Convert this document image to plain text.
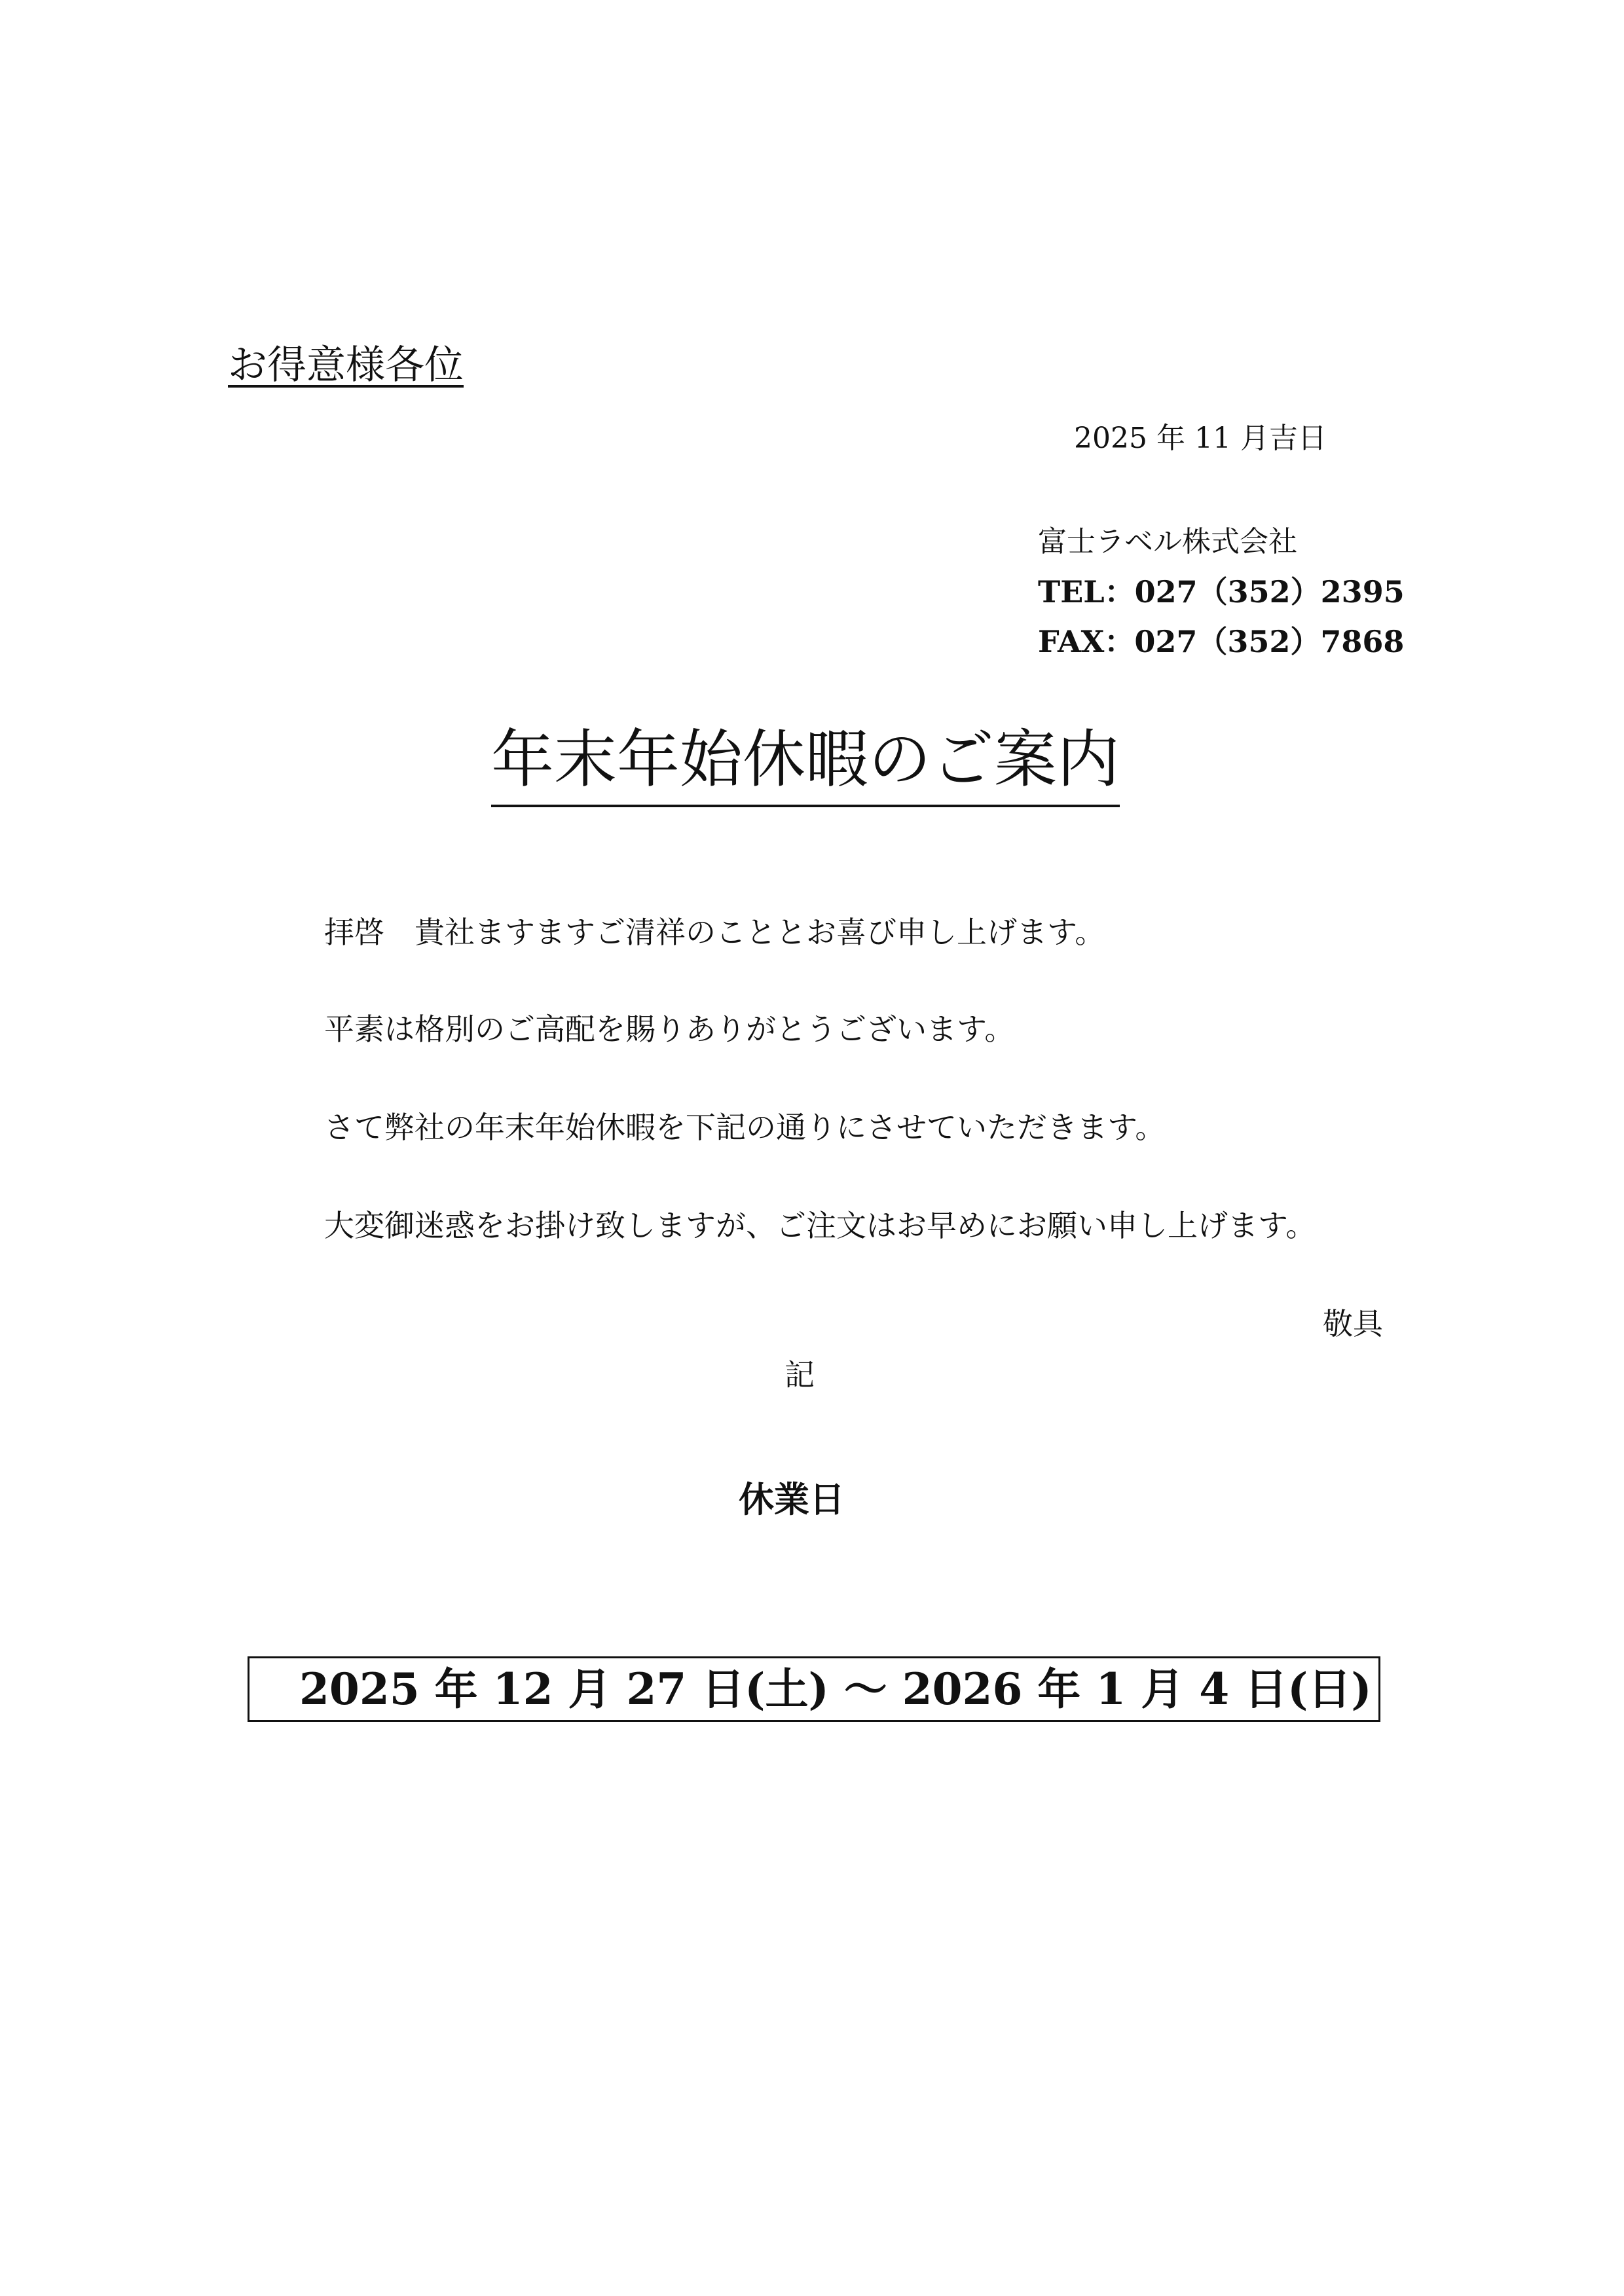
お得意様各位
2025 年 11 月吉日
富士ラベル株式会社
TEL：027（352）2395
FAX：027（352）7868
年末年始休暇のご案内
拝啓　貴社ますますご清祥のこととお喜び申し上げます。
平素は格別のご高配を賜りありがとうございます。
さて弊社の年末年始休暇を下記の通りにさせていただきます。
大変御迷惑をお掛け致しますが、ご注文はお早めにお願い申し上げます。
敬具
記
休業日
2025 年 12 月 27 日(土) ～ 2026 年 1 月 4 日(日)
